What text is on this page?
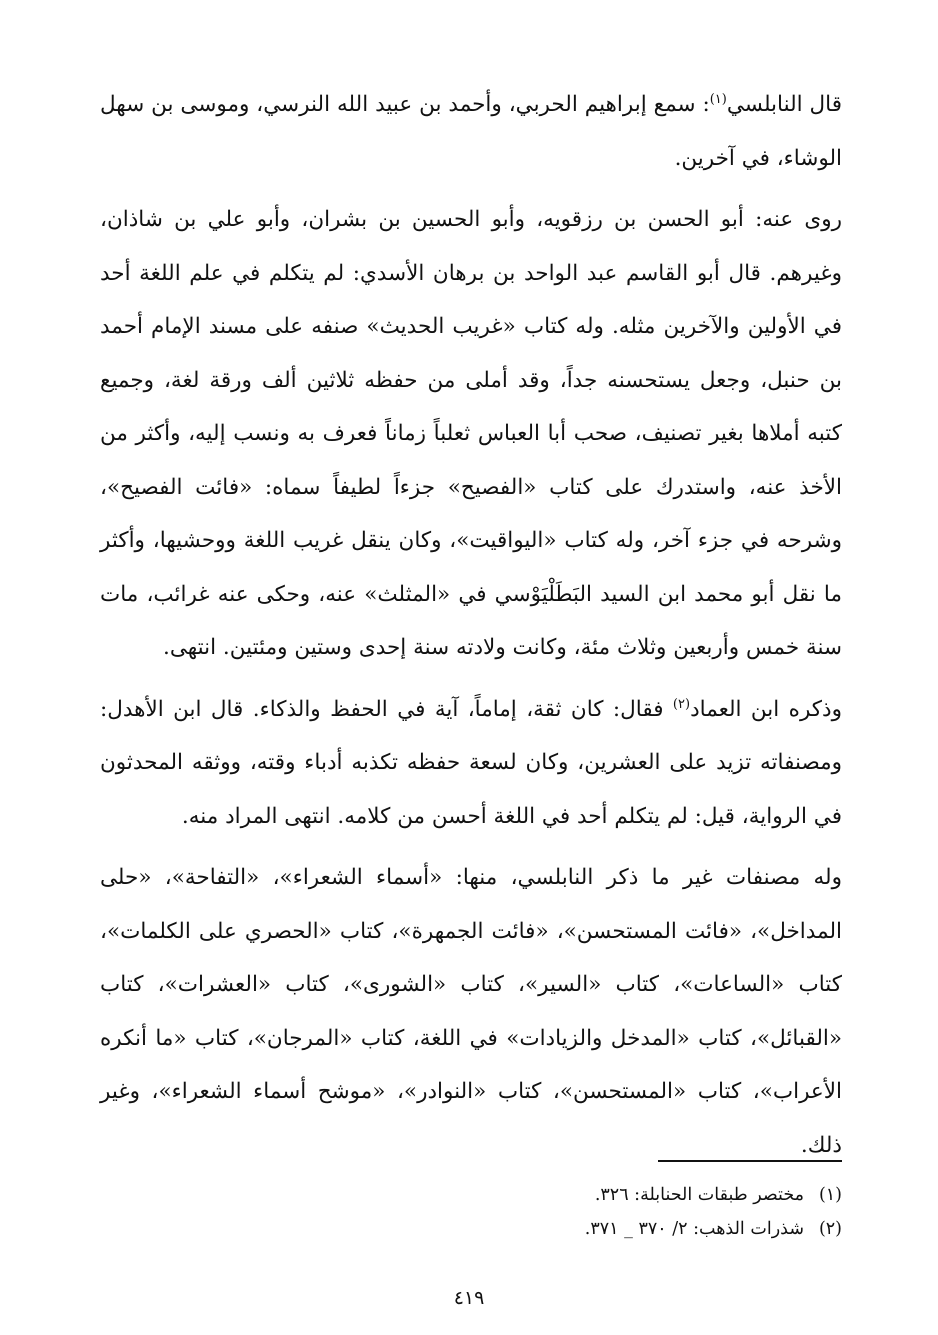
قال النابلسي$^{(١)}$: سمع إبراهيم الحربي، وأحمد بن عبيد الله النرسي، وموسى بن سهل الوشاء، في آخرين.

روى عنه: أبو الحسن بن رزقويه، وأبو الحسين بن بشران، وأبو علي بن شاذان، وغيرهم. قال أبو القاسم عبد الواحد بن برهان الأسدي: لم يتكلم في علم اللغة أحد في الأولين والآخرين مثله. وله كتاب «غريب الحديث» صنفه على مسند الإمام أحمد بن حنبل، وجعل يستحسنه جداً، وقد أملى من حفظه ثلاثين ألف ورقة لغة، وجميع كتبه أملاها بغير تصنيف، صحب أبا العباس ثعلباً زماناً فعرف به ونسب إليه، وأكثر من الأخذ عنه، واستدرك على كتاب «الفصيح» جزءاً لطيفاً سماه: «فائت الفصيح»، وشرحه في جزء آخر، وله كتاب «اليواقيت»، وكان ينقل غريب اللغة ووحشيها، وأكثر ما نقل أبو محمد ابن السيد البَطَلْيَوْسي في «المثلث» عنه، وحكى عنه غرائب، مات سنة خمس وأربعين وثلاث مئة، وكانت ولادته سنة إحدى وستين ومئتين. انتهى.

وذكره ابن العماد$^{(٢)}$ فقال: كان ثقة، إماماً، آية في الحفظ والذكاء. قال ابن الأهدل: ومصنفاته تزيد على العشرين، وكان لسعة حفظه تكذبه أدباء وقته، ووثقه المحدثون في الرواية، قيل: لم يتكلم أحد في اللغة أحسن من كلامه. انتهى المراد منه.

وله مصنفات غير ما ذكر النابلسي، منها: «أسماء الشعراء»، «التفاحة»، «حلى المداخل»، «فائت المستحسن»، «فائت الجمهرة»، كتاب «الحصري على الكلمات»، كتاب «الساعات»، كتاب «السير»، كتاب «الشورى»، كتاب «العشرات»، كتاب «القبائل»، كتاب «المدخل والزيادات» في اللغة، كتاب «المرجان»، كتاب «ما أنكره الأعراب»، كتاب «المستحسن»، كتاب «النوادر»، «موشح أسماء الشعراء»، وغير ذلك.

(١)مختصر طبقات الحنابلة: ٣٢٦.
(٢)شذرات الذهب: ٢/ ٣٧٠ _ ٣٧١.
٤١٩
